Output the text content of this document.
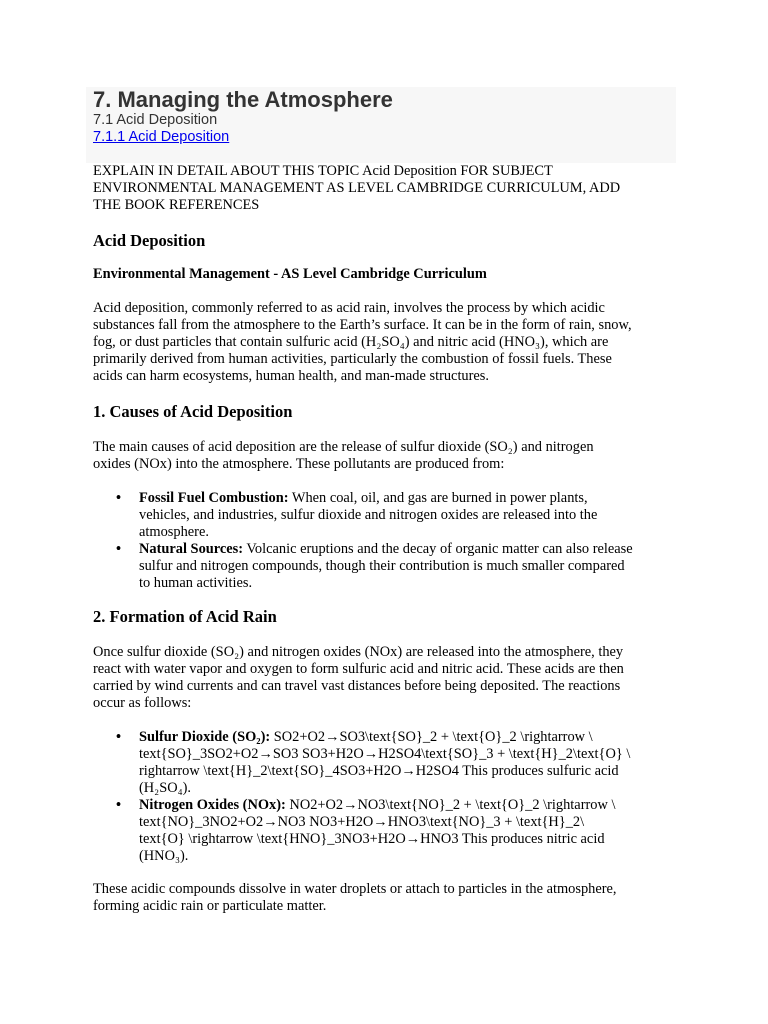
7. Managing the Atmosphere
7.1 Acid Deposition
7.1.1 Acid Deposition
EXPLAIN IN DETAIL ABOUT THIS TOPIC Acid Deposition FOR SUBJECT
ENVIRONMENTAL MANAGEMENT AS LEVEL CAMBRIDGE CURRICULUM, ADD
THE BOOK REFERENCES
Acid Deposition
Environmental Management - AS Level Cambridge Curriculum
Acid deposition, commonly referred to as acid rain, involves the process by which acidic
substances fall from the atmosphere to the Earth’s surface. It can be in the form of rain, snow,
fog, or dust particles that contain sulfuric acid (H₂SO₄) and nitric acid (HNO₃), which are
primarily derived from human activities, particularly the combustion of fossil fuels. These
acids can harm ecosystems, human health, and man-made structures.
1. Causes of Acid Deposition
The main causes of acid deposition are the release of sulfur dioxide (SO₂) and nitrogen
oxides (NOx) into the atmosphere. These pollutants are produced from:
• Fossil Fuel Combustion: When coal, oil, and gas are burned in power plants,
vehicles, and industries, sulfur dioxide and nitrogen oxides are released into the
atmosphere.
• Natural Sources: Volcanic eruptions and the decay of organic matter can also release
sulfur and nitrogen compounds, though their contribution is much smaller compared
to human activities.
2. Formation of Acid Rain
Once sulfur dioxide (SO₂) and nitrogen oxides (NOx) are released into the atmosphere, they
react with water vapor and oxygen to form sulfuric acid and nitric acid. These acids are then
carried by wind currents and can travel vast distances before being deposited. The reactions
occur as follows:
• Sulfur Dioxide (SO₂): SO2+O2→SO3\text{SO}_2 + \text{O}_2 \rightarrow \
text{SO}_3SO2+O2→SO3 SO3+H2O→H2SO4\text{SO}_3 + \text{H}_2\text{O} \
rightarrow \text{H}_2\text{SO}_4SO3+H2O→H2SO4 This produces sulfuric acid
(H₂SO₄).
• Nitrogen Oxides (NOx): NO2+O2→NO3\text{NO}_2 + \text{O}_2 \rightarrow \
text{NO}_3NO2+O2→NO3 NO3+H2O→HNO3\text{NO}_3 + \text{H}_2\
text{O} \rightarrow \text{HNO}_3NO3+H2O→HNO3 This produces nitric acid
(HNO₃).
These acidic compounds dissolve in water droplets or attach to particles in the atmosphere,
forming acidic rain or particulate matter.
